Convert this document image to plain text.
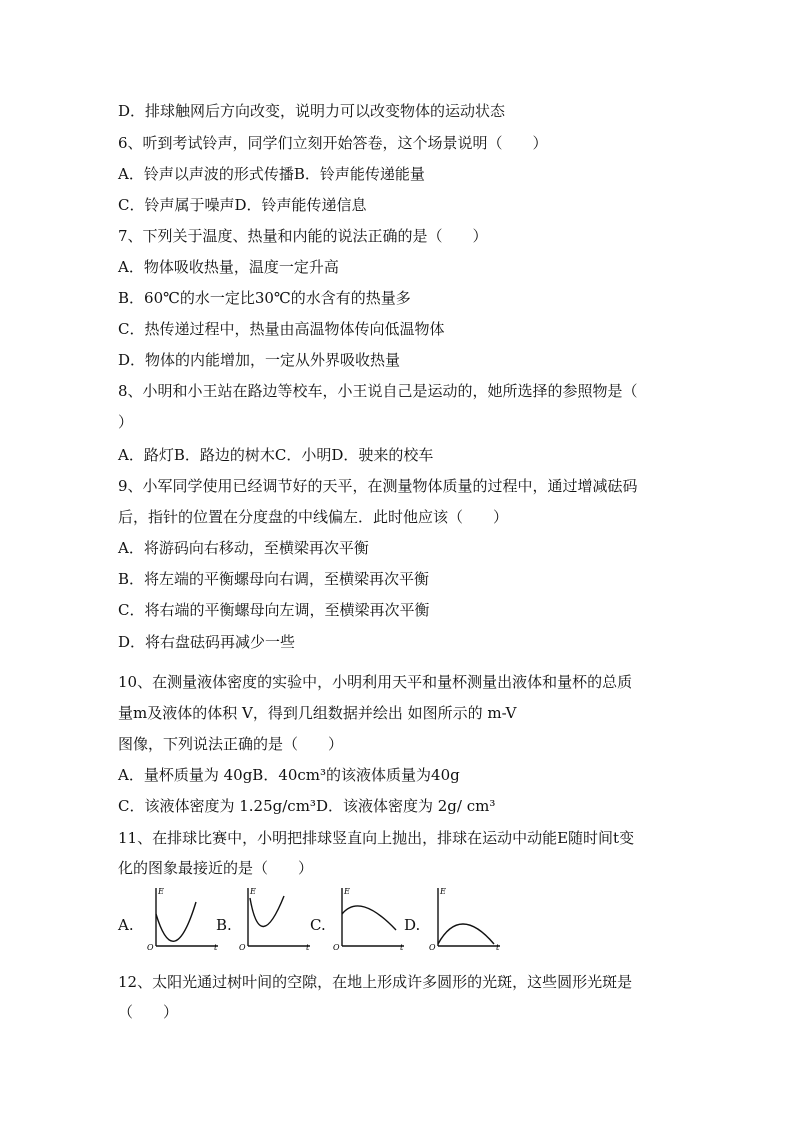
D．排球触网后方向改变，说明力可以改变物体的运动状态
6、听到考试铃声，同学们立刻开始答卷，这个场景说明（　　）
A．铃声以声波的形式传播B．铃声能传递能量
C．铃声属于噪声D．铃声能传递信息
7、下列关于温度、热量和内能的说法正确的是（　　）
A．物体吸收热量，温度一定升高
B．60℃的水一定比30℃的水含有的热量多
C．热传递过程中，热量由高温物体传向低温物体
D．物体的内能增加，一定从外界吸收热量
8、小明和小王站在路边等校车，小王说自己是运动的，她所选择的参照物是（
）
A．路灯B．路边的树木C．小明D．驶来的校车
9、小军同学使用已经调节好的天平，在测量物体质量的过程中，通过增减砝码
后，指针的位置在分度盘的中线偏左．此时他应该（　　）
A．将游码向右移动，至横梁再次平衡
B．将左端的平衡螺母向右调，至横梁再次平衡
C．将右端的平衡螺母向左调，至横梁再次平衡
D．将右盘砝码再减少一些
10、在测量液体密度的实验中，小明利用天平和量杯测量出液体和量杯的总质
量m及液体的体积 V，得到几组数据并绘出 如图所示的 m-V
图像，下列说法正确的是（　　）
A．量杯质量为 40gB．40cm³的该液体质量为40g
C．该液体密度为 1.25g/cm³D．该液体密度为 2g/ cm³
11、在排球比赛中，小明把排球竖直向上抛出，排球在运动中动能E随时间t变
化的图象最接近的是（　　）
A.
E
t
O
B.
E
t
O
C.
E
t
O
D.
E
t
O
12、太阳光通过树叶间的空隙，在地上形成许多圆形的光斑，这些圆形光斑是
（　　）
